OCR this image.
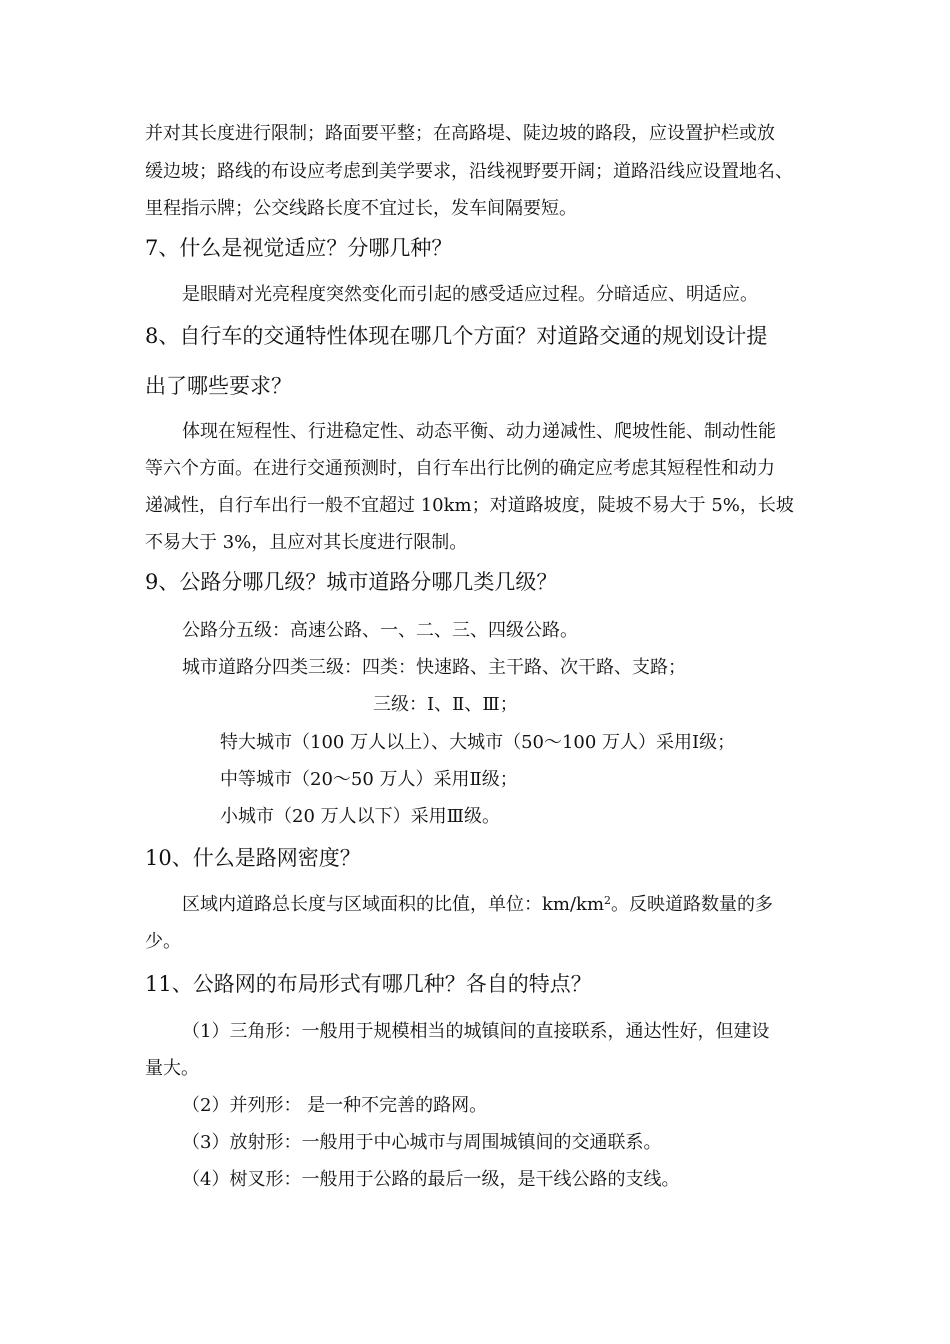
并对其长度进行限制；路面要平整；在高路堤、陡边坡的路段，应设置护栏或放
缓边坡；路线的布设应考虑到美学要求，沿线视野要开阔；道路沿线应设置地名、
里程指示牌；公交线路长度不宜过长，发车间隔要短。
7、什么是视觉适应？分哪几种？
是眼睛对光亮程度突然变化而引起的感受适应过程。分暗适应、明适应。
8、自行车的交通特性体现在哪几个方面？对道路交通的规划设计提
出了哪些要求？
体现在短程性、行进稳定性、动态平衡、动力递减性、爬坡性能、制动性能
等六个方面。在进行交通预测时，自行车出行比例的确定应考虑其短程性和动力
递减性，自行车出行一般不宜超过 10km；对道路坡度，陡坡不易大于 5%，长坡
不易大于 3%，且应对其长度进行限制。
9、公路分哪几级？城市道路分哪几类几级？
公路分五级：高速公路、一、二、三、四级公路。
城市道路分四类三级：四类：快速路、主干路、次干路、支路；
三级：Ⅰ、Ⅱ、Ⅲ；
特大城市（100 万人以上）、大城市（50～100 万人）采用Ⅰ级；
中等城市（20～50 万人）采用Ⅱ级；
小城市（20 万人以下）采用Ⅲ级。
10、什么是路网密度？
区域内道路总长度与区域面积的比值，单位：$km/km^2$。反映道路数量的多
少。
11、公路网的布局形式有哪几种？各自的特点？
（1）三角形：一般用于规模相当的城镇间的直接联系，通达性好，但建设
量大。
（2）并列形： 是一种不完善的路网。
（3）放射形：一般用于中心城市与周围城镇间的交通联系。
（4）树叉形：一般用于公路的最后一级，是干线公路的支线。
